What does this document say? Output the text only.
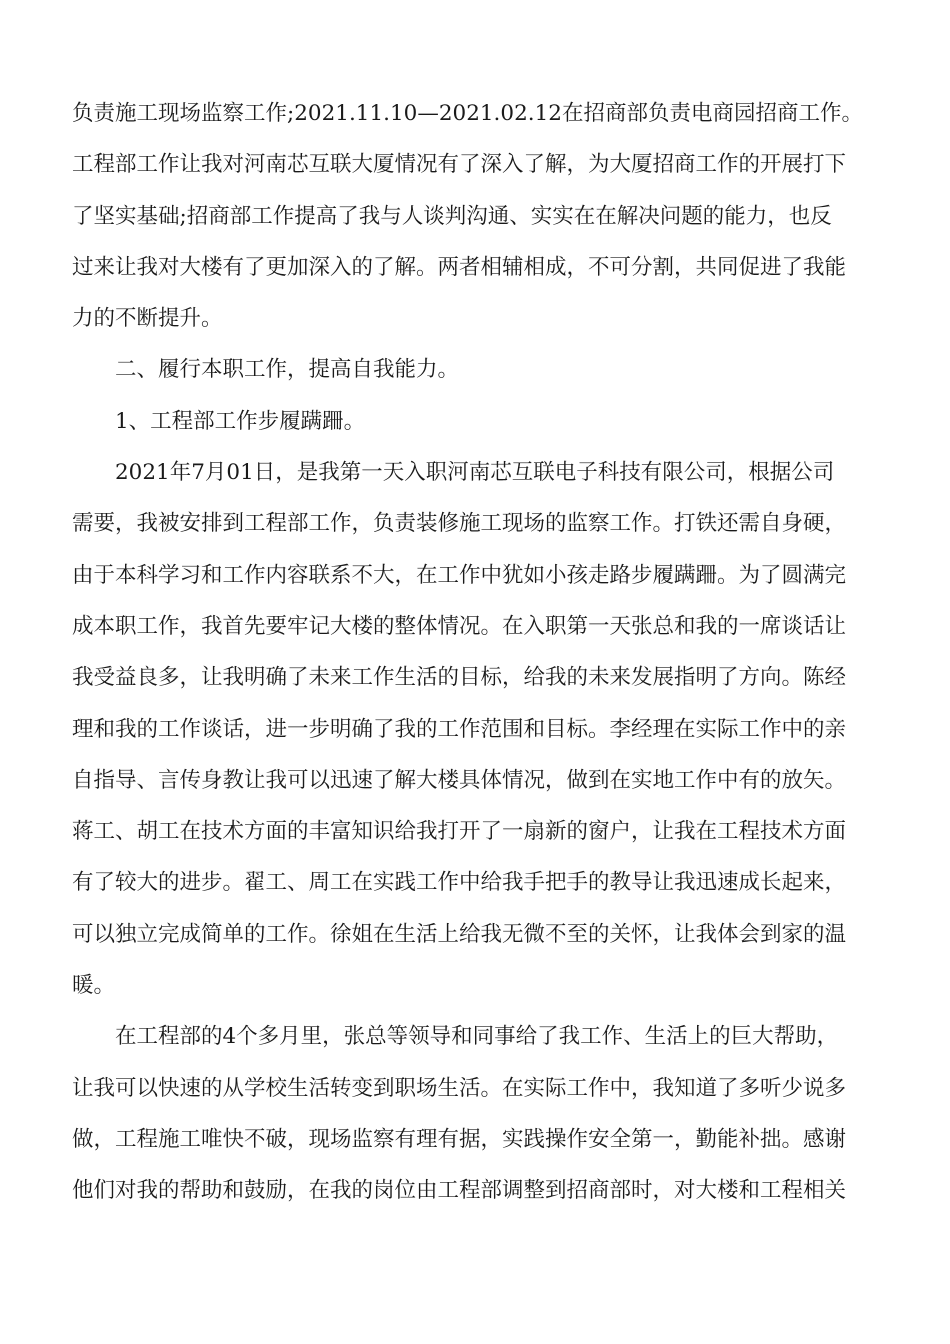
负责施工现场监察工作;2021.11.10—2021.02.12在招商部负责电商园招商工作。
工程部工作让我对河南芯互联大厦情况有了深入了解，为大厦招商工作的开展打下
了坚实基础;招商部工作提高了我与人谈判沟通、实实在在解决问题的能力，也反
过来让我对大楼有了更加深入的了解。两者相辅相成，不可分割，共同促进了我能
力的不断提升。
二、履行本职工作，提高自我能力。
1、工程部工作步履蹒跚。
2021年7月01日，是我第一天入职河南芯互联电子科技有限公司，根据公司
需要，我被安排到工程部工作，负责装修施工现场的监察工作。打铁还需自身硬，
由于本科学习和工作内容联系不大，在工作中犹如小孩走路步履蹒跚。为了圆满完
成本职工作，我首先要牢记大楼的整体情况。在入职第一天张总和我的一席谈话让
我受益良多，让我明确了未来工作生活的目标，给我的未来发展指明了方向。陈经
理和我的工作谈话，进一步明确了我的工作范围和目标。李经理在实际工作中的亲
自指导、言传身教让我可以迅速了解大楼具体情况，做到在实地工作中有的放矢。
蒋工、胡工在技术方面的丰富知识给我打开了一扇新的窗户，让我在工程技术方面
有了较大的进步。翟工、周工在实践工作中给我手把手的教导让我迅速成长起来，
可以独立完成简单的工作。徐姐在生活上给我无微不至的关怀，让我体会到家的温
暖。
在工程部的4个多月里，张总等领导和同事给了我工作、生活上的巨大帮助，
让我可以快速的从学校生活转变到职场生活。在实际工作中，我知道了多听少说多
做，工程施工唯快不破，现场监察有理有据，实践操作安全第一，勤能补拙。感谢
他们对我的帮助和鼓励，在我的岗位由工程部调整到招商部时，对大楼和工程相关
